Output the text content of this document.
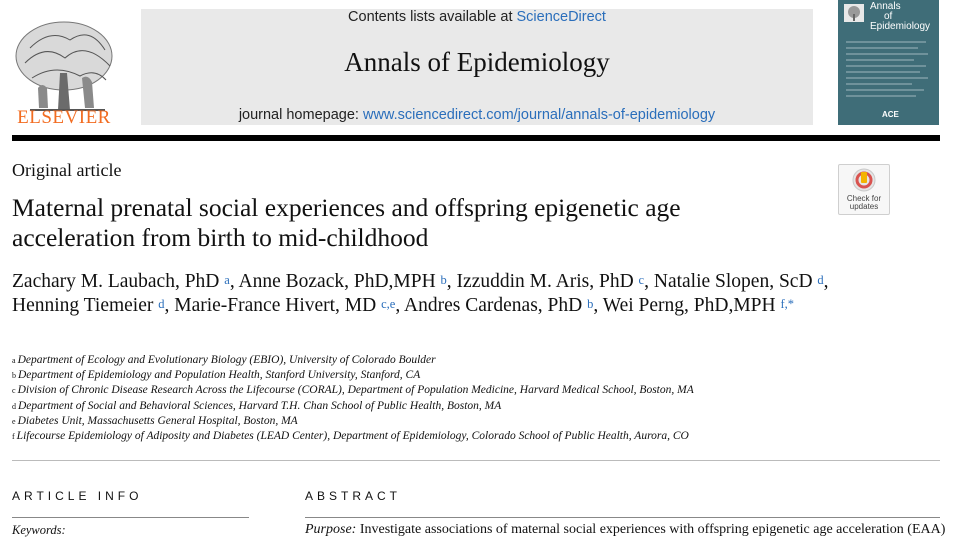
ELSEVIER
Contents lists available at ScienceDirect
Annals of Epidemiology
journal homepage: www.sciencedirect.com/journal/annals-of-epidemiology
Annals
of
Epidemiology
ACE
Original article
Check for updates
Maternal prenatal social experiences and offspring epigenetic age
acceleration from birth to mid-childhood
Zachary M. Laubach, PhD $^a$, Anne Bozack, PhD,MPH $^b$, Izzuddin M. Aris, PhD $^c$, Natalie Slopen, ScD $^d$, Henning Tiemeier $^d$, Marie-France Hivert, MD $^{c,e}$, Andres Cardenas, PhD $^b$, Wei Perng, PhD,MPH $^{f,*}$
$^a$ Department of Ecology and Evolutionary Biology (EBIO), University of Colorado Boulder
$^b$ Department of Epidemiology and Population Health, Stanford University, Stanford, CA
$^c$ Division of Chronic Disease Research Across the Lifecourse (CORAL), Department of Population Medicine, Harvard Medical School, Boston, MA
$^d$ Department of Social and Behavioral Sciences, Harvard T.H. Chan School of Public Health, Boston, MA
$^e$ Diabetes Unit, Massachusetts General Hospital, Boston, MA
$^f$ Lifecourse Epidemiology of Adiposity and Diabetes (LEAD Center), Department of Epidemiology, Colorado School of Public Health, Aurora, CO
ARTICLE INFO
Keywords:
ABSTRACT
Purpose: Investigate associations of maternal social experiences with offspring epigenetic age acceleration (EAA)
